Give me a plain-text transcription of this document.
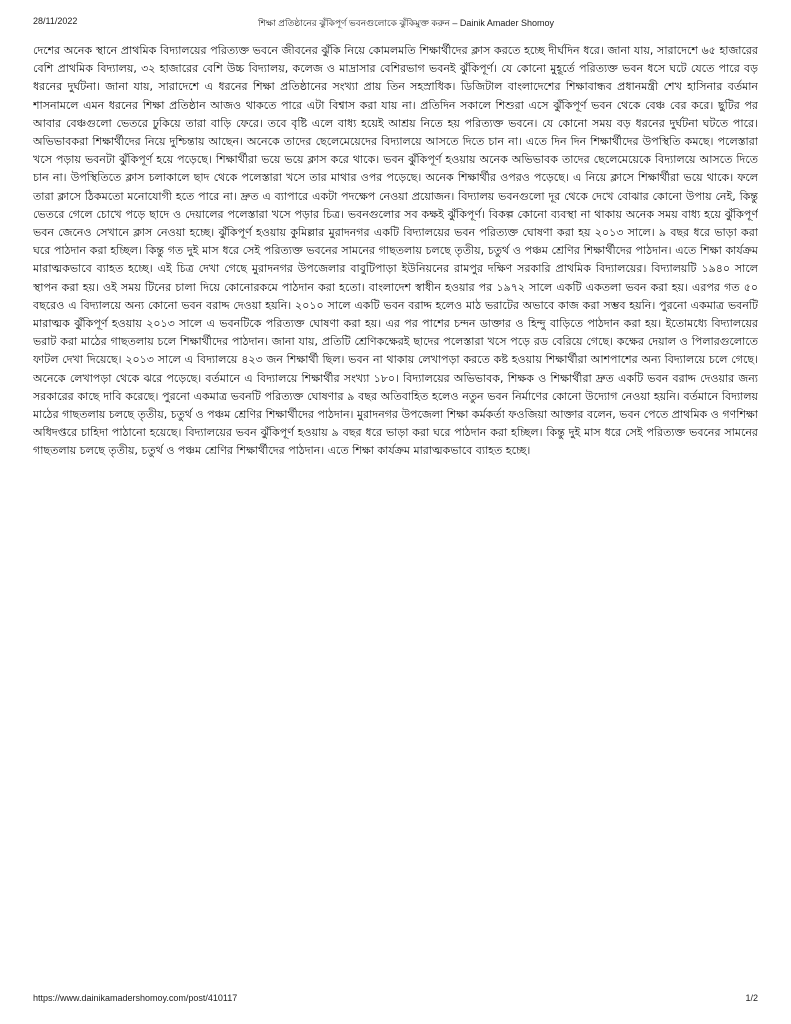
28/11/2022	শিক্ষা প্রতিষ্ঠানের ঝুঁকিপূর্ণ ভবনগুলোকে ঝুঁকিমুক্ত করুন – Dainik Amader Shomoy

দেশের অনেক স্থানে প্রাথমিক বিদ্যালয়ের পরিত্যক্ত ভবনে জীবনের ঝুঁকি নিয়ে কোমলমতি শিক্ষার্থীদের ক্লাস করতে হচ্ছে দীর্ঘদিন ধরে। জানা যায়, সারাদেশে ৬৫ হাজারের বেশি প্রাথমিক বিদ্যালয়, ৩২ হাজারের বেশি উচ্চ বিদ্যালয়, কলেজ ও মাদ্রাসার বেশিরভাগ ভবনই ঝুঁকিপূর্ণ। যে কোনো মুহূর্তে পরিত্যক্ত ভবন ধসে ঘটে যেতে পারে বড় ধরনের দুর্ঘটনা। জানা যায়, সারাদেশে এ ধরনের শিক্ষা প্রতিষ্ঠানের সংখ্যা প্রায় তিন সহস্রাধিক। ডিজিটাল বাংলাদেশের শিক্ষাবান্ধব প্রধানমন্ত্রী শেখ হাসিনার বর্তমান শাসনামলে এমন ধরনের শিক্ষা প্রতিষ্ঠান আজও থাকতে পারে এটা বিশ্বাস করা যায় না। প্রতিদিন সকালে শিশুরা এসে ঝুঁকিপূর্ণ ভবন থেকে বেঞ্চ বের করে। ছুটির পর আবার বেঞ্চগুলো ভেতরে ঢুকিয়ে তারা বাড়ি ফেরে। তবে বৃষ্টি এলে বাধ্য হয়েই আশ্রয় নিতে হয় পরিত্যক্ত ভবনে। যে কোনো সময় বড় ধরনের দুর্ঘটনা ঘটতে পারে। অভিভাবকরা শিক্ষার্থীদের নিয়ে দুশ্চিন্তায় আছেন। অনেকে তাদের ছেলেমেয়েদের বিদ্যালয়ে আসতে দিতে চান না। এতে দিন দিন শিক্ষার্থীদের উপস্থিতি কমছে। পলেস্তারা খসে পড়ায় ভবনটা ঝুঁকিপূর্ণ হয়ে পড়েছে। শিক্ষার্থীরা ভয়ে ভয়ে ক্লাস করে থাকে। ভবন ঝুঁকিপূর্ণ হওয়ায় অনেক অভিভাবক তাদের ছেলেমেয়েকে বিদ্যালয়ে আসতে দিতে চান না। উপস্থিতিতে ক্লাস চলাকালে ছাদ থেকে পলেস্তারা খসে তার মাথার ওপর পড়েছে। অনেক শিক্ষার্থীর ওপরও পড়েছে। এ নিয়ে ক্লাসে শিক্ষার্থীরা ভয়ে থাকে। ফলে তারা ক্লাসে ঠিকমতো মনোযোগী হতে পারে না। দ্রুত এ ব্যাপারে একটা পদক্ষেপ নেওয়া প্রয়োজন। বিদ্যালয় ভবনগুলো দূর থেকে দেখে বোঝার কোনো উপায় নেই, কিন্তু ভেতরে গেলে চোখে পড়ে ছাদে ও দেয়ালের পলেস্তারা খসে পড়ার চিত্র। ভবনগুলোর সব কক্ষই ঝুঁকিপূর্ণ। বিকল্প কোনো ব্যবস্থা না থাকায় অনেক সময় বাধ্য হয়ে ঝুঁকিপূর্ণ ভবন জেনেও সেখানে ক্লাস নেওয়া হচ্ছে। ঝুঁকিপূর্ণ হওয়ায় কুমিল্লার মুরাদনগর একটি বিদ্যালয়ের ভবন পরিত্যক্ত ঘোষণা করা হয় ২০১৩ সালে। ৯ বছর ধরে ভাড়া করা ঘরে পাঠদান করা হচ্ছিল। কিন্তু গত দুই মাস ধরে সেই পরিত্যক্ত ভবনের সামনের গাছতলায় চলছে তৃতীয়, চতুর্থ ও পঞ্চম শ্রেণির শিক্ষার্থীদের পাঠদান। এতে শিক্ষা কার্যক্রম মারাত্মকভাবে ব্যাহত হচ্ছে। এই চিত্র দেখা গেছে মুরাদনগর উপজেলার বাবুটিপাড়া ইউনিয়নের রামপুর দক্ষিণ সরকারি প্রাথমিক বিদ্যালয়ের। বিদ্যালয়টি ১৯৪০ সালে স্থাপন করা হয়। ওই সময় টিনের চালা দিয়ে কোনোরকমে পাঠদান করা হতো। বাংলাদেশ স্বাধীন হওয়ার পর ১৯৭২ সালে একটি একতলা ভবন করা হয়। এরপর গত ৫০ বছরেও এ বিদ্যালয়ে অন্য কোনো ভবন বরাদ্দ দেওয়া হয়নি। ২০১০ সালে একটি ভবন বরাদ্দ হলেও মাঠ ভরাটের অভাবে কাজ করা সম্ভব হয়নি। পুরনো একমাত্র ভবনটি মারাত্মক ঝুঁকিপূর্ণ হওয়ায় ২০১৩ সালে এ ভবনটিকে পরিত্যক্ত ঘোষণা করা হয়। এর পর পাশের চন্দন ডাক্তার ও হিন্দু বাড়িতে পাঠদান করা হয়। ইতোমধ্যে বিদ্যালয়ের ভরাট করা মাঠের গাছতলায় চলে শিক্ষার্থীদের পাঠদান। জানা যায়, প্রতিটি শ্রেণিকক্ষেরই ছাদের পলেস্তারা খসে পড়ে রড বেরিয়ে গেছে। কক্ষের দেয়াল ও পিলারগুলোতে ফাটল দেখা দিয়েছে। ২০১৩ সালে এ বিদ্যালয়ে ৪২৩ জন শিক্ষার্থী ছিল। ভবন না থাকায় লেখাপড়া করতে কষ্ট হওয়ায় শিক্ষার্থীরা আশপাশের অন্য বিদ্যালয়ে চলে গেছে। অনেকে লেখাপড়া থেকে ঝরে পড়েছে। বর্তমানে এ বিদ্যালয়ে শিক্ষার্থীর সংখ্যা ১৮০। বিদ্যালয়ের অভিভাবক, শিক্ষক ও শিক্ষার্থীরা দ্রুত একটি ভবন বরাদ্দ দেওয়ার জন্য সরকারের কাছে দাবি করেছে। পুরনো একমাত্র ভবনটি পরিত্যক্ত ঘোষণার ৯ বছর অতিবাহিত হলেও নতুন ভবন নির্মাণের কোনো উদ্যোগ নেওয়া হয়নি। বর্তমানে বিদ্যালয় মাঠের গাছতলায় চলছে তৃতীয়, চতুর্থ ও পঞ্চম শ্রেণির শিক্ষার্থীদের পাঠদান। মুরাদনগর উপজেলা শিক্ষা কর্মকর্তা ফওজিয়া আক্তার বলেন, ভবন পেতে প্রাথমিক ও গণশিক্ষা অধিদপ্তরে চাহিদা পাঠানো হয়েছে। বিদ্যালয়ের ভবন ঝুঁকিপূর্ণ হওয়ায় ৯ বছর ধরে ভাড়া করা ঘরে পাঠদান করা হচ্ছিল। কিন্তু দুই মাস ধরে সেই পরিত্যক্ত ভবনের সামনের গাছতলায় চলছে তৃতীয়, চতুর্থ ও পঞ্চম শ্রেণির শিক্ষার্থীদের পাঠদান। এতে শিক্ষা কার্যক্রম মারাত্মকভাবে ব্যাহত হচ্ছে।

https://www.dainikamadershomoy.com/post/410117	1/2
